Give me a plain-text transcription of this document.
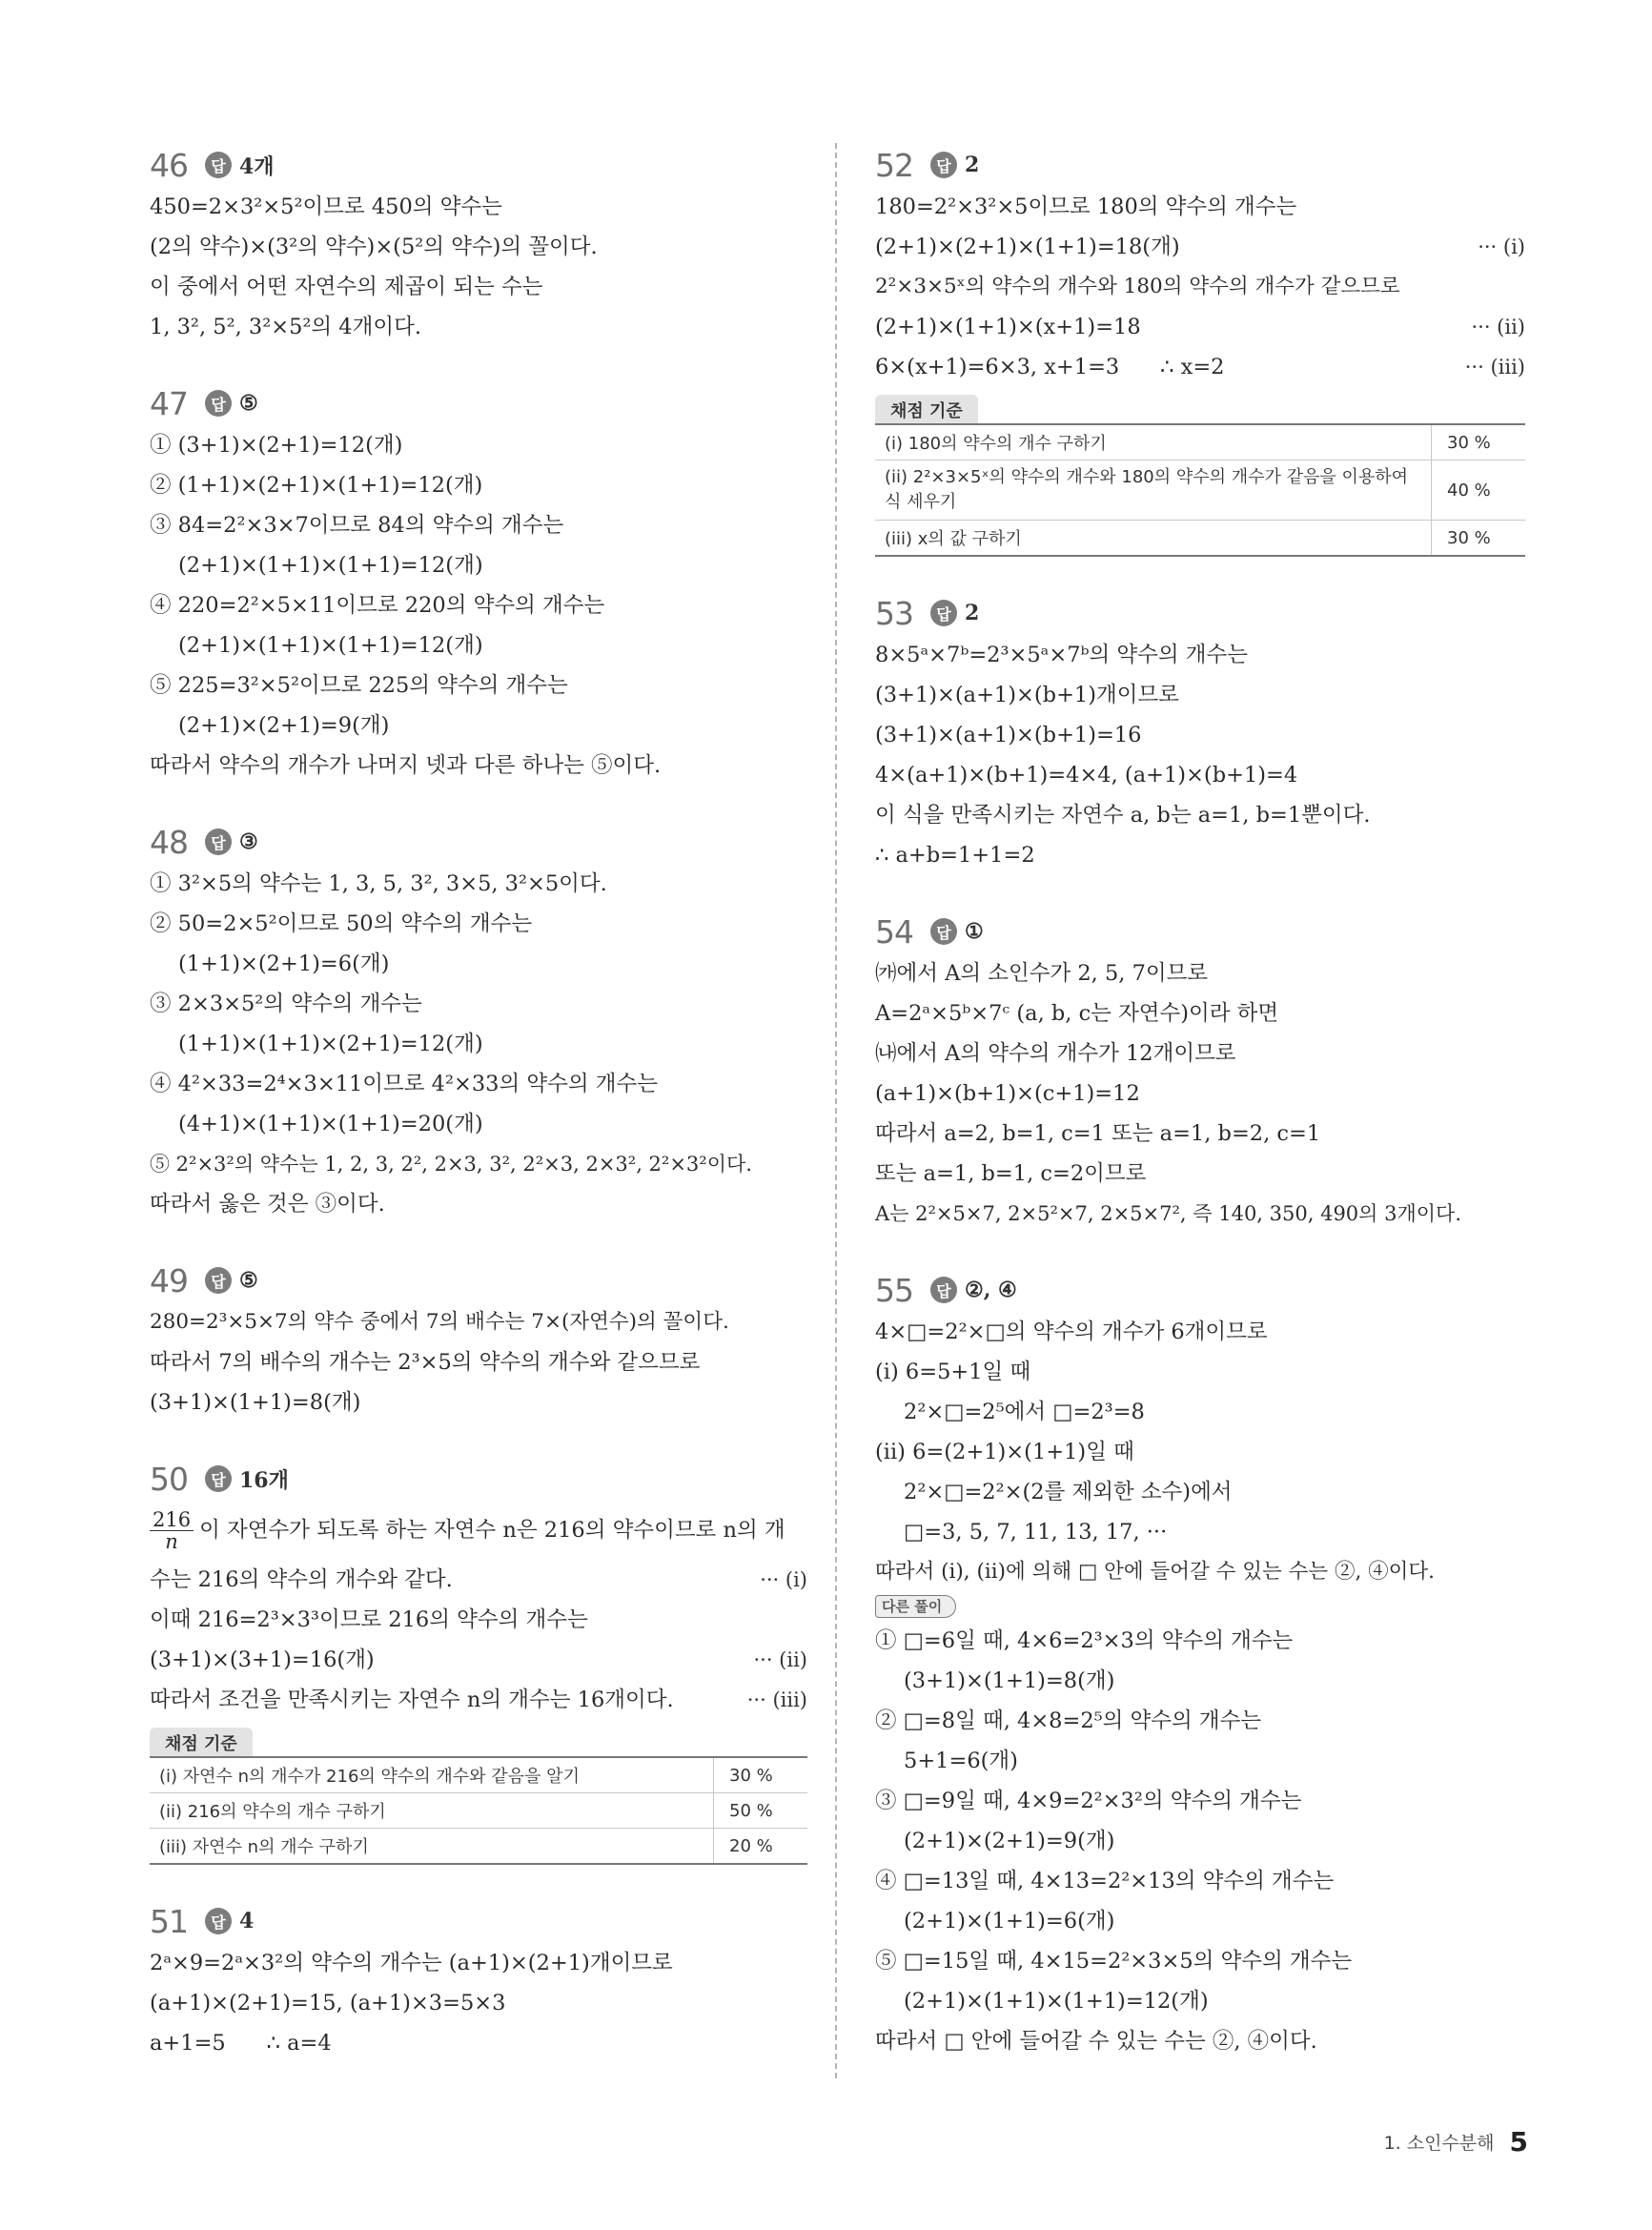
46	답 4개
450=2×3²×5²이므로 450의 약수는
(2의 약수)×(3²의 약수)×(5²의 약수)의 꼴이다.
이 중에서 어떤 자연수의 제곱이 되는 수는
1, 3², 5², 3²×5²의 4개이다.
47	답 ⑤
① (3+1)×(2+1)=12(개)
② (1+1)×(2+1)×(1+1)=12(개)
③ 84=2²×3×7이므로 84의 약수의 개수는
(2+1)×(1+1)×(1+1)=12(개)
④ 220=2²×5×11이므로 220의 약수의 개수는
(2+1)×(1+1)×(1+1)=12(개)
⑤ 225=3²×5²이므로 225의 약수의 개수는
(2+1)×(2+1)=9(개)
따라서 약수의 개수가 나머지 넷과 다른 하나는 ⑤이다.
48	답 ③
① 3²×5의 약수는 1, 3, 5, 3², 3×5, 3²×5이다.
② 50=2×5²이므로 50의 약수의 개수는
(1+1)×(2+1)=6(개)
③ 2×3×5²의 약수의 개수는
(1+1)×(1+1)×(2+1)=12(개)
④ 4²×33=2⁴×3×11이므로 4²×33의 약수의 개수는
(4+1)×(1+1)×(1+1)=20(개)
⑤ 2²×3²의 약수는 1, 2, 3, 2², 2×3, 3², 2²×3, 2×3², 2²×3²이다.
따라서 옳은 것은 ③이다.
49	답 ⑤
280=2³×5×7의 약수 중에서 7의 배수는 7×(자연수)의 꼴이다.
따라서 7의 배수의 개수는 2³×5의 약수의 개수와 같으므로
(3+1)×(1+1)=8(개)
50	답 16개
$\frac{216}{n}$ 이 자연수가 되도록 하는 자연수 n은 216의 약수이므로 n의 개
수는 216의 약수의 개수와 같다.	··· (i)
이때 216=2³×3³이므로 216의 약수의 개수는
(3+1)×(3+1)=16(개)	··· (ii)
따라서 조건을 만족시키는 자연수 n의 개수는 16개이다.	··· (iii)
채점 기준
(i) 자연수 n의 개수가 216의 약수의 개수와 같음을 알기	30 %
(ii) 216의 약수의 개수 구하기	50 %
(iii) 자연수 n의 개수 구하기	20 %
51	답 4
2ᵃ×9=2ᵃ×3²의 약수의 개수는 (a+1)×(2+1)개이므로
(a+1)×(2+1)=15, (a+1)×3=5×3
a+1=5      ∴ a=4
52	답 2
180=2²×3²×5이므로 180의 약수의 개수는
(2+1)×(2+1)×(1+1)=18(개)	··· (i)
2²×3×5ˣ의 약수의 개수와 180의 약수의 개수가 같으므로
(2+1)×(1+1)×(x+1)=18	··· (ii)
6×(x+1)=6×3, x+1=3      ∴ x=2	··· (iii)
채점 기준
(i) 180의 약수의 개수 구하기	30 %
(ii) 2²×3×5ˣ의 약수의 개수와 180의 약수의 개수가 같음을 이용하여 식 세우기	40 %
(iii) x의 값 구하기	30 %
53	답 2
8×5ᵃ×7ᵇ=2³×5ᵃ×7ᵇ의 약수의 개수는
(3+1)×(a+1)×(b+1)개이므로
(3+1)×(a+1)×(b+1)=16
4×(a+1)×(b+1)=4×4, (a+1)×(b+1)=4
이 식을 만족시키는 자연수 a, b는 a=1, b=1뿐이다.
∴ a+b=1+1=2
54	답 ①
㈎에서 A의 소인수가 2, 5, 7이므로
A=2ᵃ×5ᵇ×7ᶜ (a, b, c는 자연수)이라 하면
㈏에서 A의 약수의 개수가 12개이므로
(a+1)×(b+1)×(c+1)=12
따라서 a=2, b=1, c=1 또는 a=1, b=2, c=1
또는 a=1, b=1, c=2이므로
A는 2²×5×7, 2×5²×7, 2×5×7², 즉 140, 350, 490의 3개이다.
55	답 ②, ④
4×□=2²×□의 약수의 개수가 6개이므로
(i) 6=5+1일 때
2²×□=2⁵에서 □=2³=8
(ii) 6=(2+1)×(1+1)일 때
2²×□=2²×(2를 제외한 소수)에서
□=3, 5, 7, 11, 13, 17, ···
따라서 (i), (ii)에 의해 □ 안에 들어갈 수 있는 수는 ②, ④이다.
다른 풀이
① □=6일 때, 4×6=2³×3의 약수의 개수는
(3+1)×(1+1)=8(개)
② □=8일 때, 4×8=2⁵의 약수의 개수는
5+1=6(개)
③ □=9일 때, 4×9=2²×3²의 약수의 개수는
(2+1)×(2+1)=9(개)
④ □=13일 때, 4×13=2²×13의 약수의 개수는
(2+1)×(1+1)=6(개)
⑤ □=15일 때, 4×15=2²×3×5의 약수의 개수는
(2+1)×(1+1)×(1+1)=12(개)
따라서 □ 안에 들어갈 수 있는 수는 ②, ④이다.
1. 소인수분해 5
